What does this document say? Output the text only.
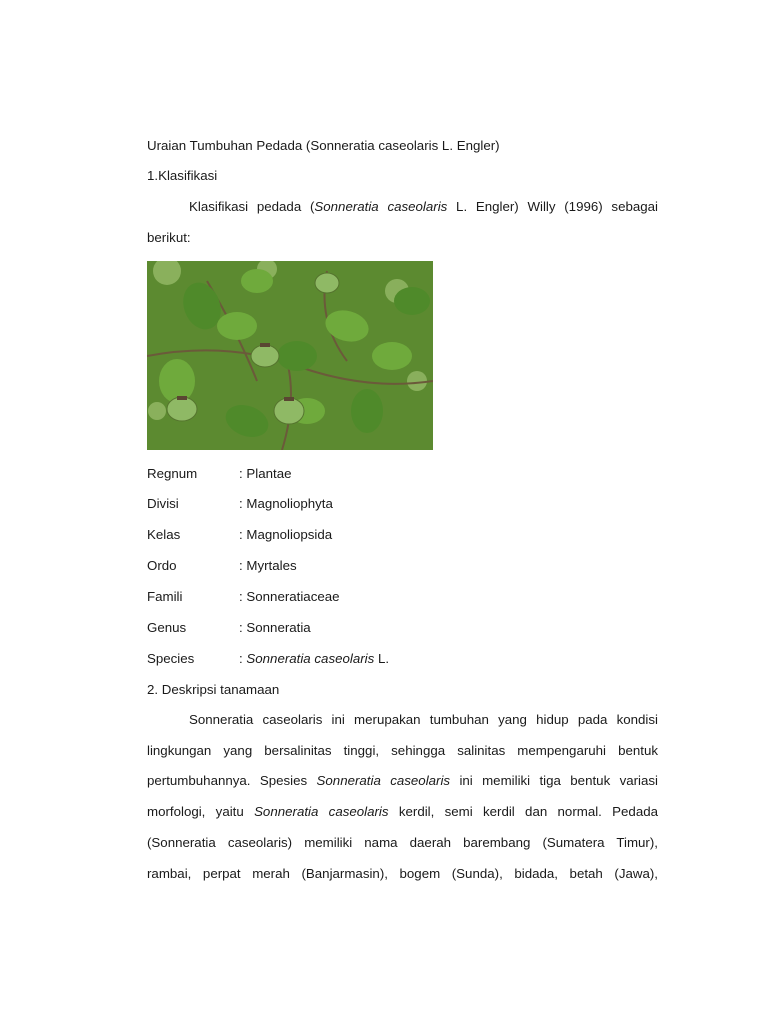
Uraian Tumbuhan Pedada (Sonneratia caseolaris L. Engler)
1.Klasifikasi
Klasifikasi pedada (Sonneratia caseolaris L. Engler) Willy (1996) sebagai
berikut:
Regnum	: Plantae
Divisi	: Magnoliophyta
Kelas	: Magnoliopsida
Ordo	: Myrtales
Famili	: Sonneratiaceae
Genus	: Sonneratia
Species	: Sonneratia caseolaris L.
2. Deskripsi tanamaan
Sonneratia caseolaris ini merupakan tumbuhan yang hidup pada kondisi
lingkungan yang bersalinitas tinggi, sehingga salinitas mempengaruhi bentuk
pertumbuhannya. Spesies Sonneratia caseolaris ini memiliki tiga bentuk variasi
morfologi, yaitu Sonneratia caseolaris kerdil, semi kerdil dan normal. Pedada
(Sonneratia caseolaris) memiliki nama daerah barembang (Sumatera Timur),
rambai, perpat merah (Banjarmasin), bogem (Sunda), bidada, betah (Jawa),
